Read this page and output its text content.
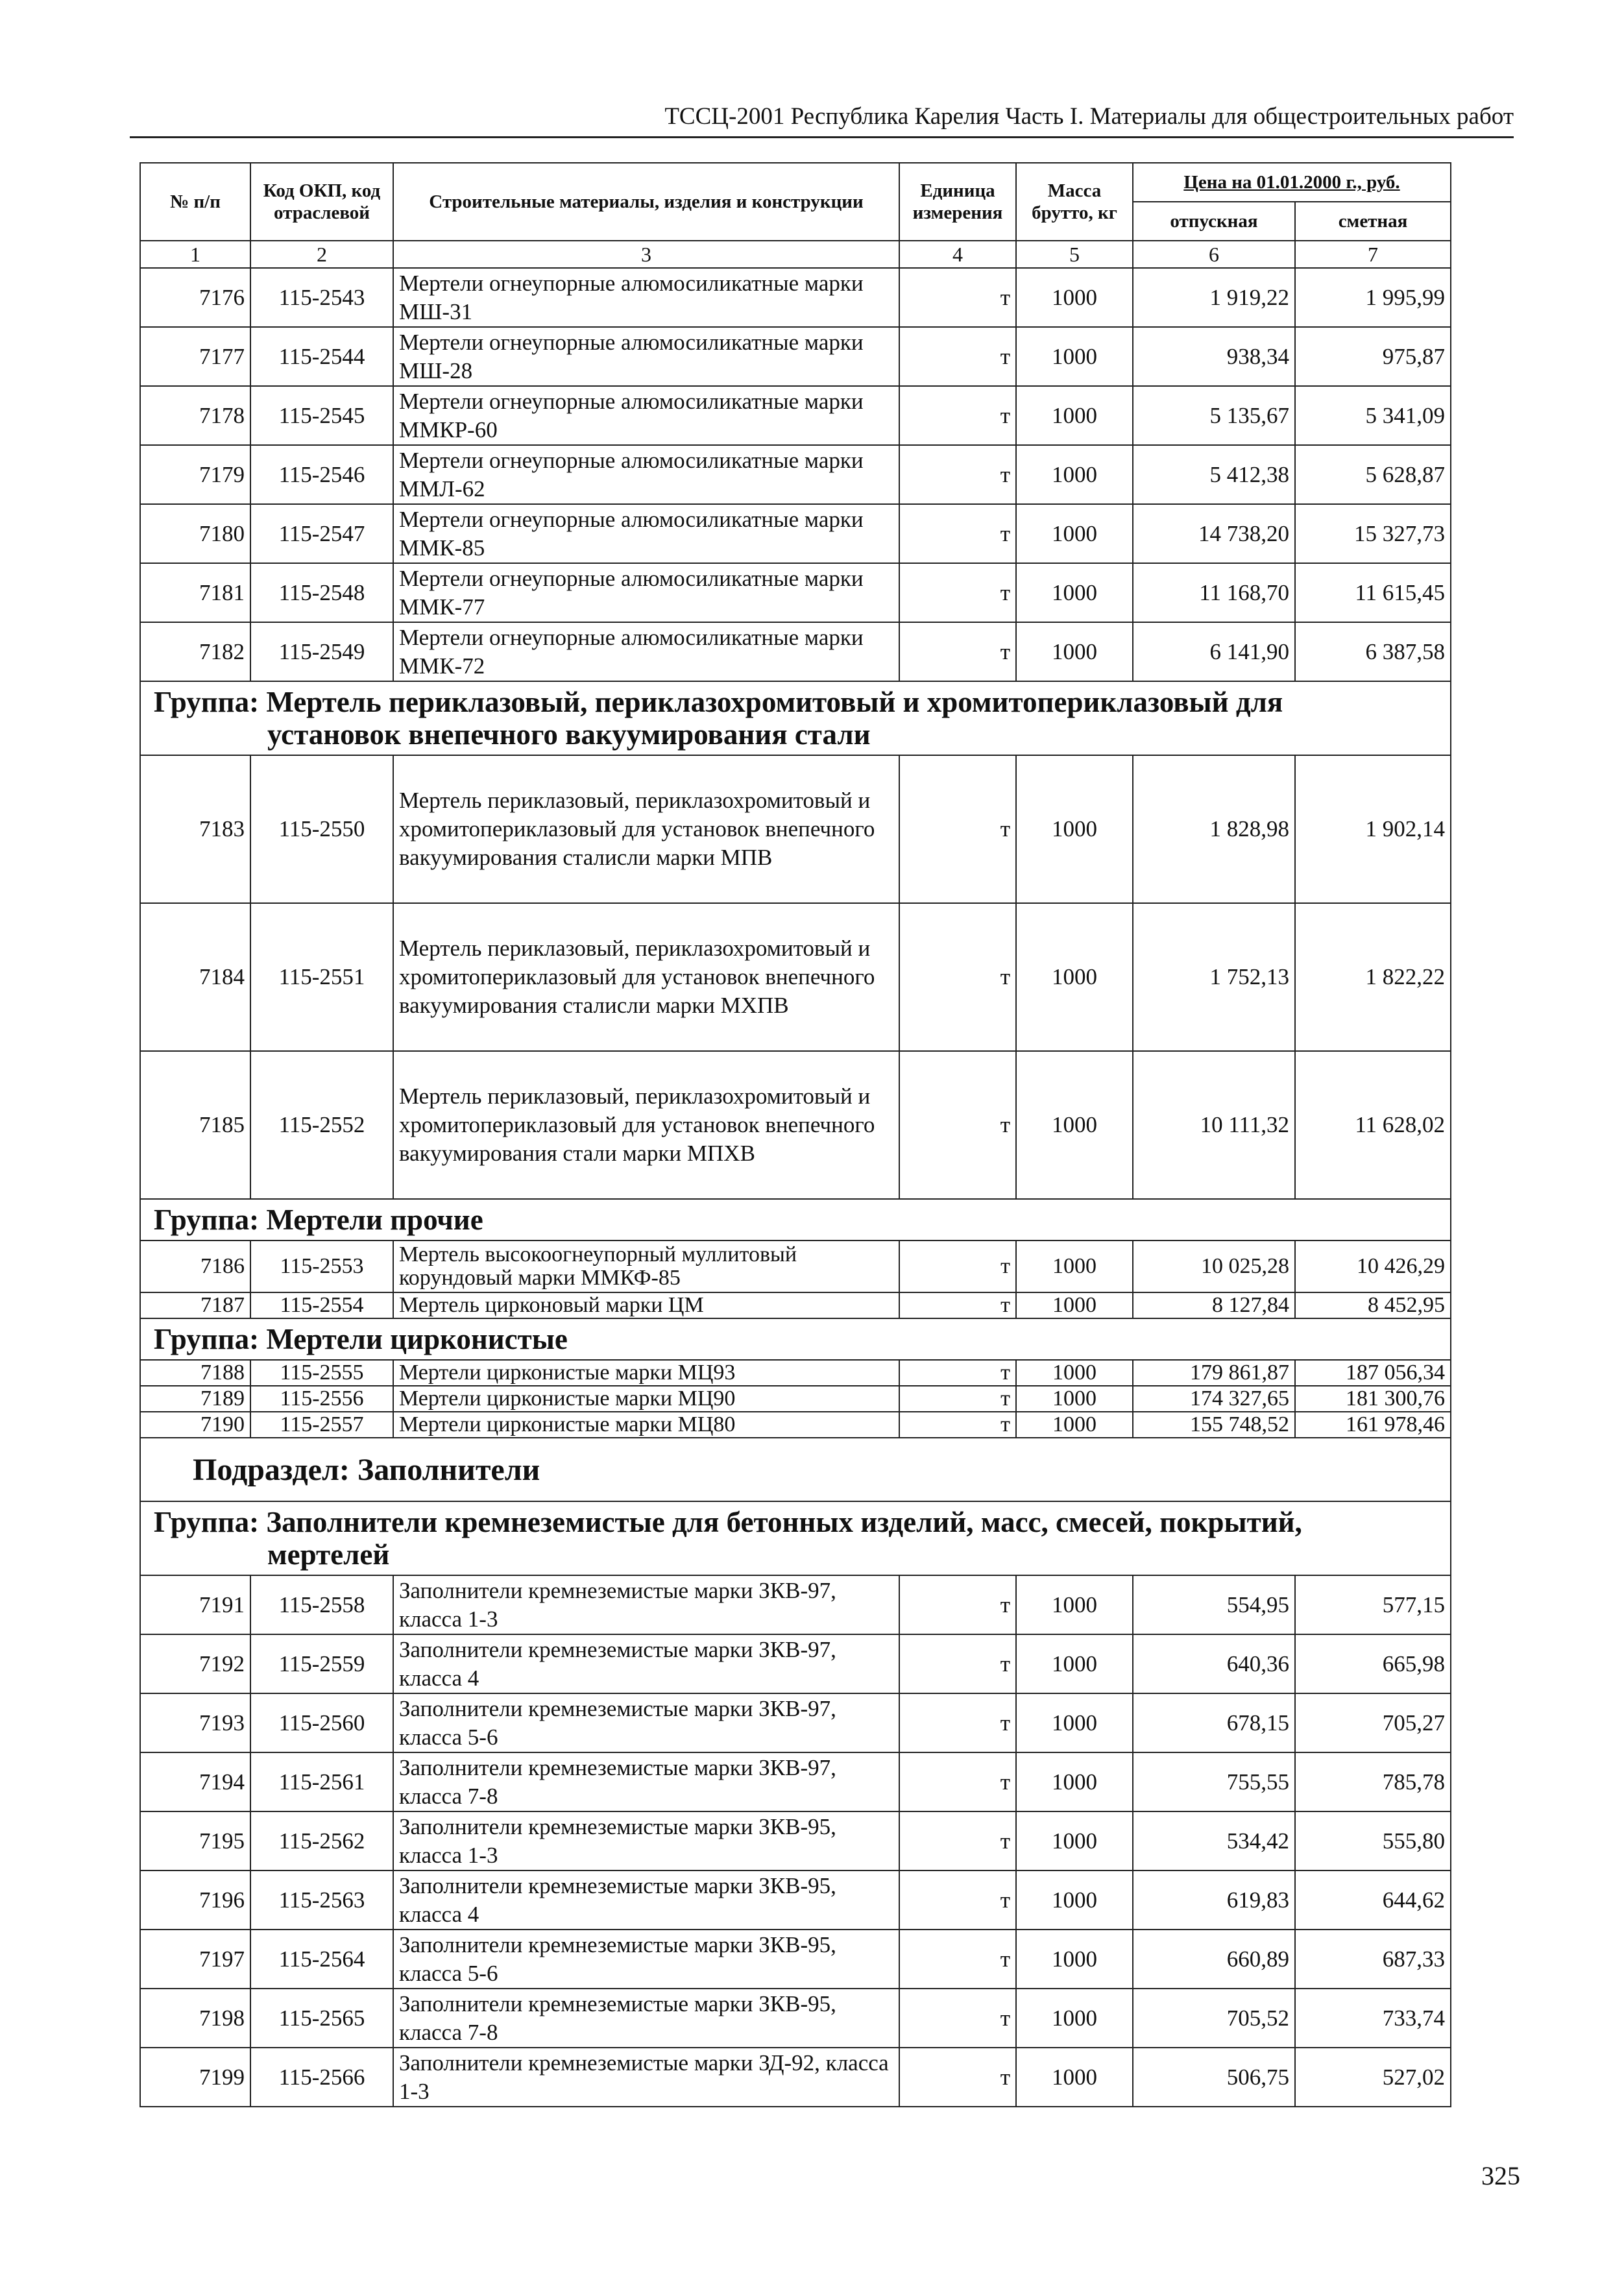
ТССЦ-2001 Республика Карелия Часть I. Материалы для общестроительных работ
№ п/п	Код ОКП, код отраслевой	Строительные материалы, изделия и конструкции	Единица измерения	Масса брутто, кг	Цена на 01.01.2000 г., руб.	
					отпускная	сметная
1	2	3	4	5	6	7
7176	115-2543	Мертели огнеупорные алюмосиликатные марки МШ-31	т	1000	1 919,22	1 995,99
7177	115-2544	Мертели огнеупорные алюмосиликатные марки МШ-28	т	1000	938,34	975,87
7178	115-2545	Мертели огнеупорные алюмосиликатные марки ММКР-60	т	1000	5 135,67	5 341,09
7179	115-2546	Мертели огнеупорные алюмосиликатные марки ММЛ-62	т	1000	5 412,38	5 628,87
7180	115-2547	Мертели огнеупорные алюмосиликатные марки ММК-85	т	1000	14 738,20	15 327,73
7181	115-2548	Мертели огнеупорные алюмосиликатные марки ММК-77	т	1000	11 168,70	11 615,45
7182	115-2549	Мертели огнеупорные алюмосиликатные марки ММК-72	т	1000	6 141,90	6 387,58
Группа: Мертель периклазовый, периклазохромитовый и хромитопериклазовый для
установок внепечного вакуумирования стали						

7183	115-2550	Мертель периклазовый, периклазохромитовый и хромитопериклазовый для установок внепечного вакуумирования сталисли марки МПВ	т	1000	1 828,98	1 902,14
7184	115-2551	Мертель периклазовый, периклазохромитовый и хромитопериклазовый для установок внепечного вакуумирования сталисли марки МХПВ	т	1000	1 752,13	1 822,22
7185	115-2552	Мертель периклазовый, периклазохромитовый и хромитопериклазовый для установок внепечного вакуумирования стали марки МПХВ	т	1000	10 111,32	11 628,02
Группа: Мертели прочие						
7186	115-2553	Мертель высокоогнеупорный муллитовый корундовый марки ММКФ-85	т	1000	10 025,28	10 426,29
7187	115-2554	Мертель цирконовый марки ЦМ	т	1000	8 127,84	8 452,95
Группа: Мертели цирконистые						
7188	115-2555	Мертели цирконистые марки МЦ93	т	1000	179 861,87	187 056,34
7189	115-2556	Мертели цирконистые марки МЦ90	т	1000	174 327,65	181 300,76
7190	115-2557	Мертели цирконистые марки МЦ80	т	1000	155 748,52	161 978,46
Подраздел: Заполнители						
Группа: Заполнители кремнеземистые для бетонных изделий, масс, смесей, покрытий,
мертелей						

7191	115-2558	Заполнители кремнеземистые марки ЗКВ-97, класса 1-3	т	1000	554,95	577,15
7192	115-2559	Заполнители кремнеземистые марки ЗКВ-97, класса 4	т	1000	640,36	665,98
7193	115-2560	Заполнители кремнеземистые марки ЗКВ-97, класса 5-6	т	1000	678,15	705,27
7194	115-2561	Заполнители кремнеземистые марки ЗКВ-97, класса 7-8	т	1000	755,55	785,78
7195	115-2562	Заполнители кремнеземистые марки ЗКВ-95, класса 1-3	т	1000	534,42	555,80
7196	115-2563	Заполнители кремнеземистые марки ЗКВ-95, класса 4	т	1000	619,83	644,62
7197	115-2564	Заполнители кремнеземистые марки ЗКВ-95, класса 5-6	т	1000	660,89	687,33
7198	115-2565	Заполнители кремнеземистые марки ЗКВ-95, класса 7-8	т	1000	705,52	733,74
7199	115-2566	Заполнители кремнеземистые марки ЗД-92, класса 1-3	т	1000	506,75	527,02
325
